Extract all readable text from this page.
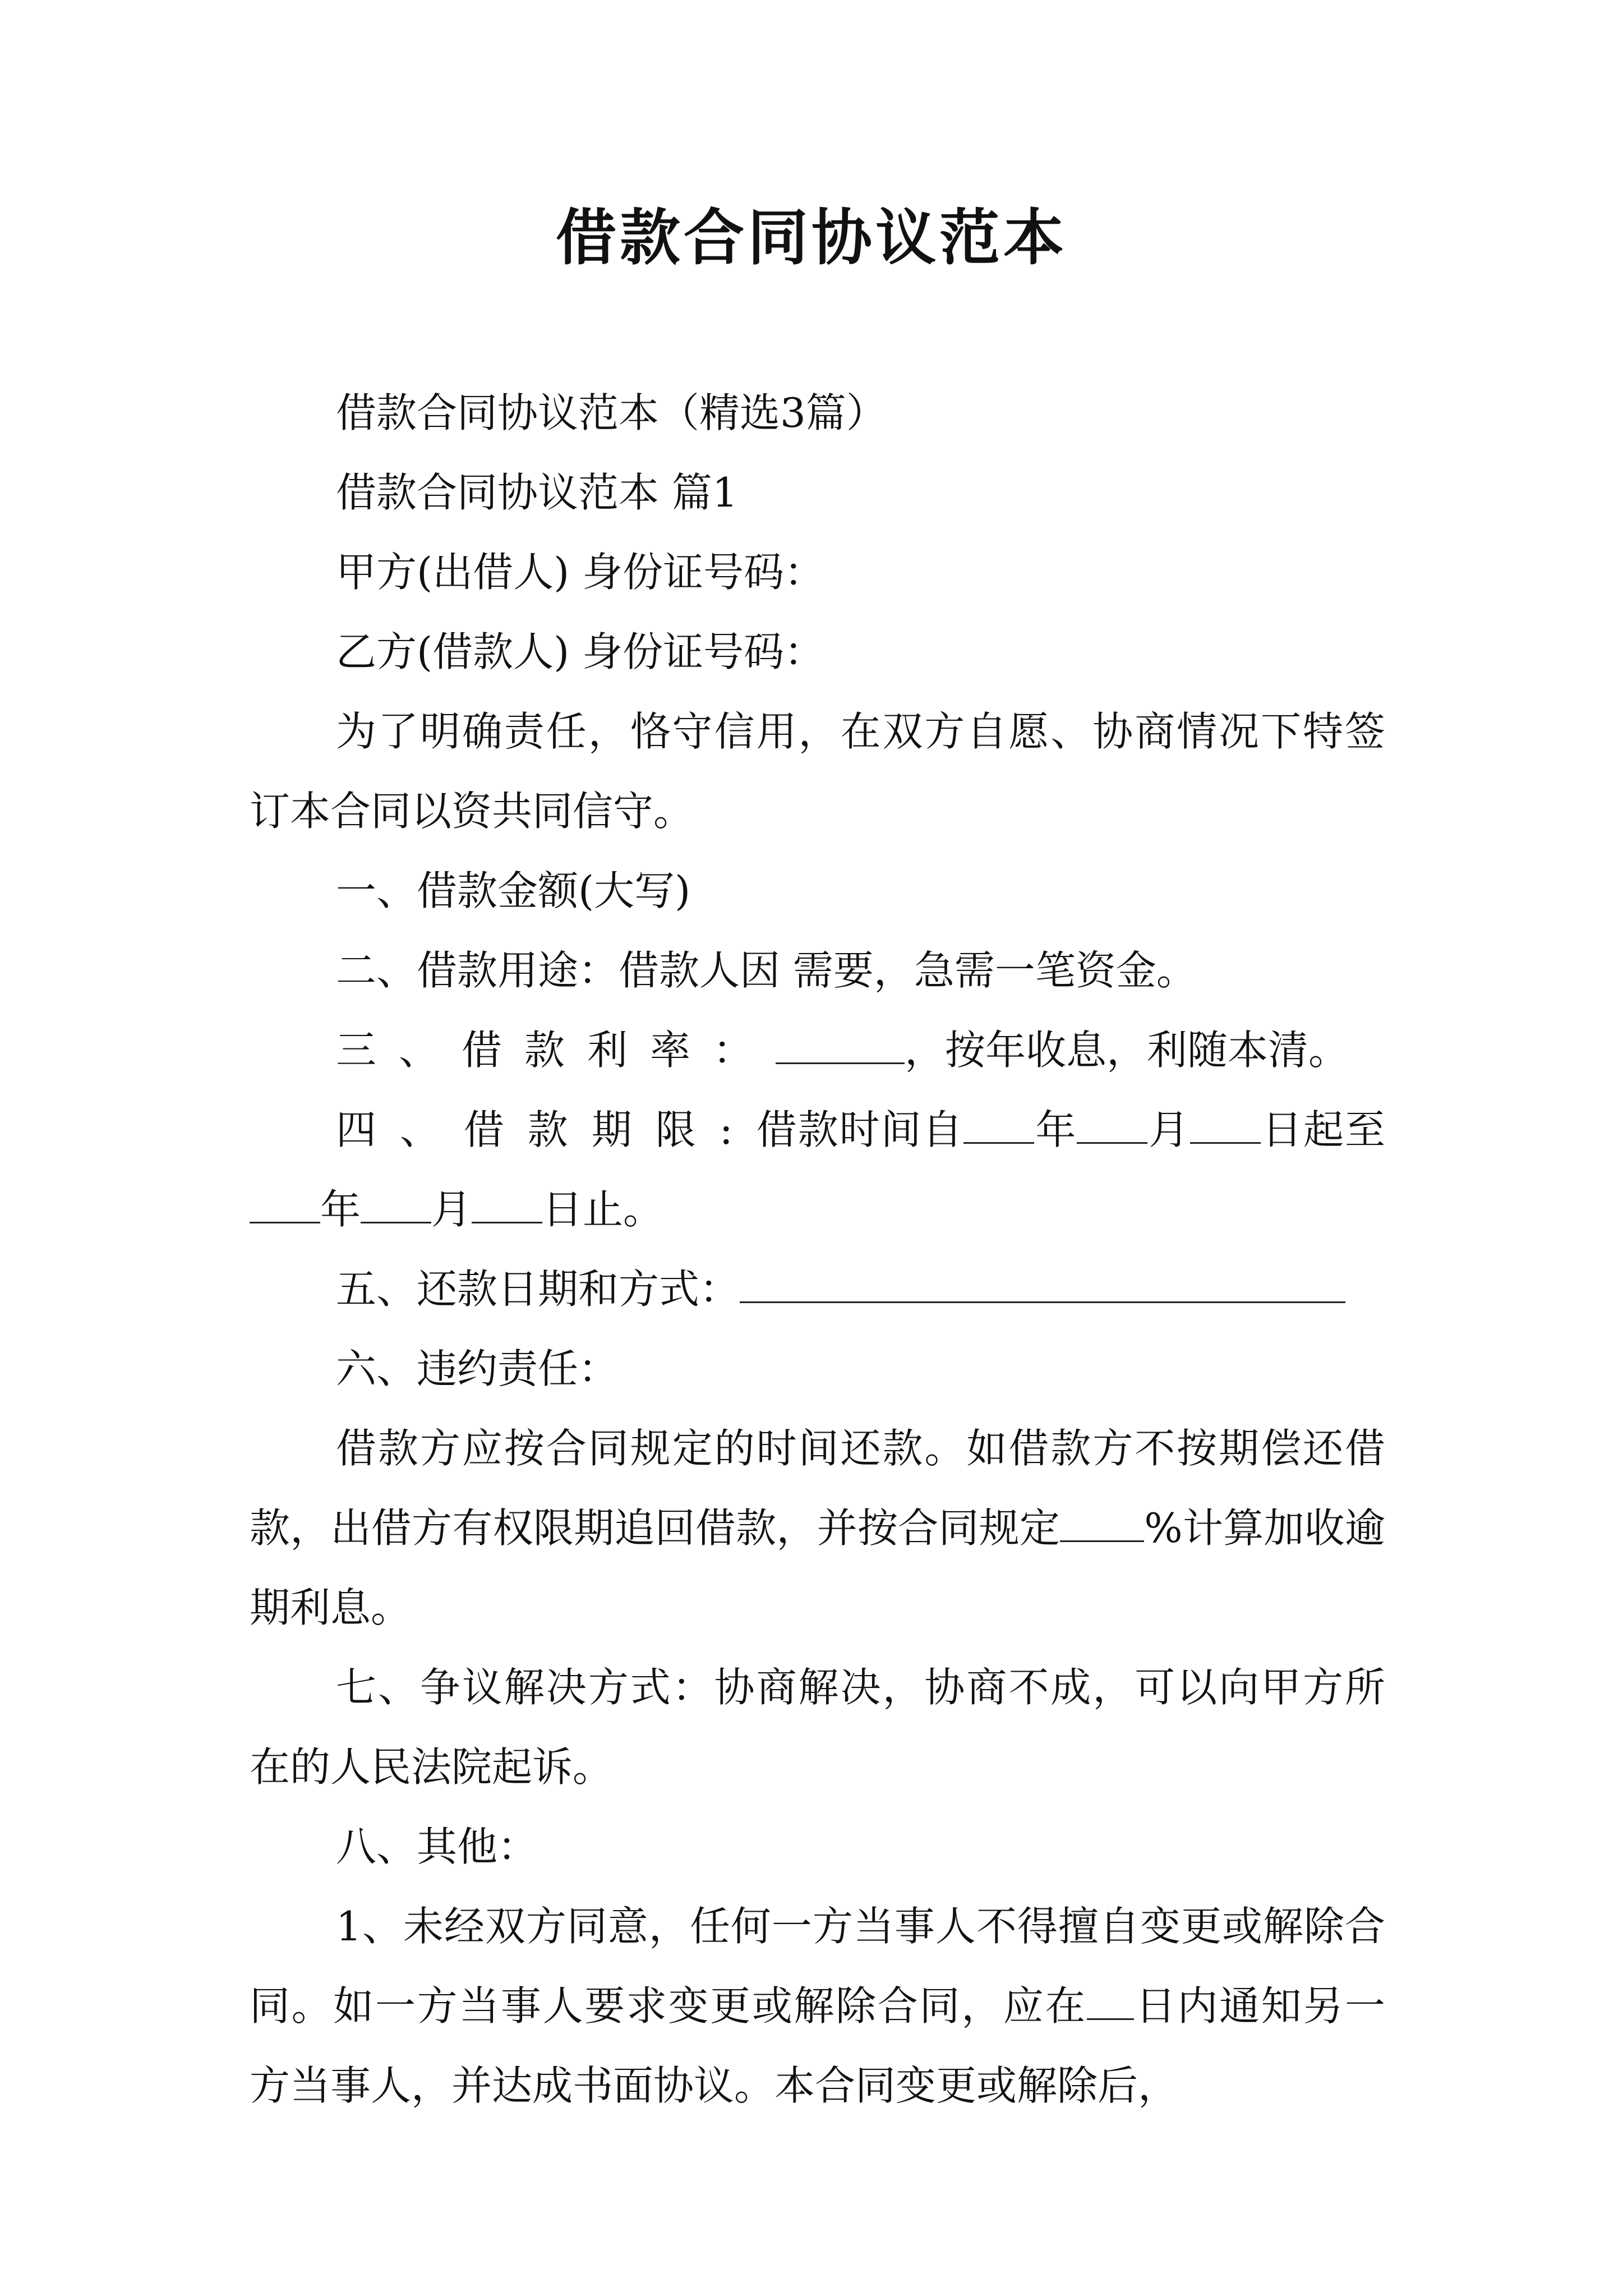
借款合同协议范本

借款合同协议范本（精选3篇）

借款合同协议范本 篇1

甲方(出借人) 身份证号码：

乙方(借款人) 身份证号码：

为了明确责任，恪守信用，在双方自愿、协商情况下特签订本合同以资共同信守。

一、借款金额(大写)

二、借款用途：借款人因 需要，急需一笔资金。

三、借款利率：	，按年收息，利随本清。

四、借款期限:借款时间自 年 月 日起至年 月 日止。

五、还款日期和方式：

六、违约责任：

借款方应按合同规定的时间还款。如借款方不按期偿还借款，出借方有权限期追回借款，并按合同规定 %计算加收逾期利息。

七、争议解决方式：协商解决，协商不成，可以向甲方所在的人民法院起诉。

八、其他：

1、未经双方同意，任何一方当事人不得擅自变更或解除合同。如一方当事人要求变更或解除合同，应在 日内通知另一方当事人，并达成书面协议。本合同变更或解除后，
